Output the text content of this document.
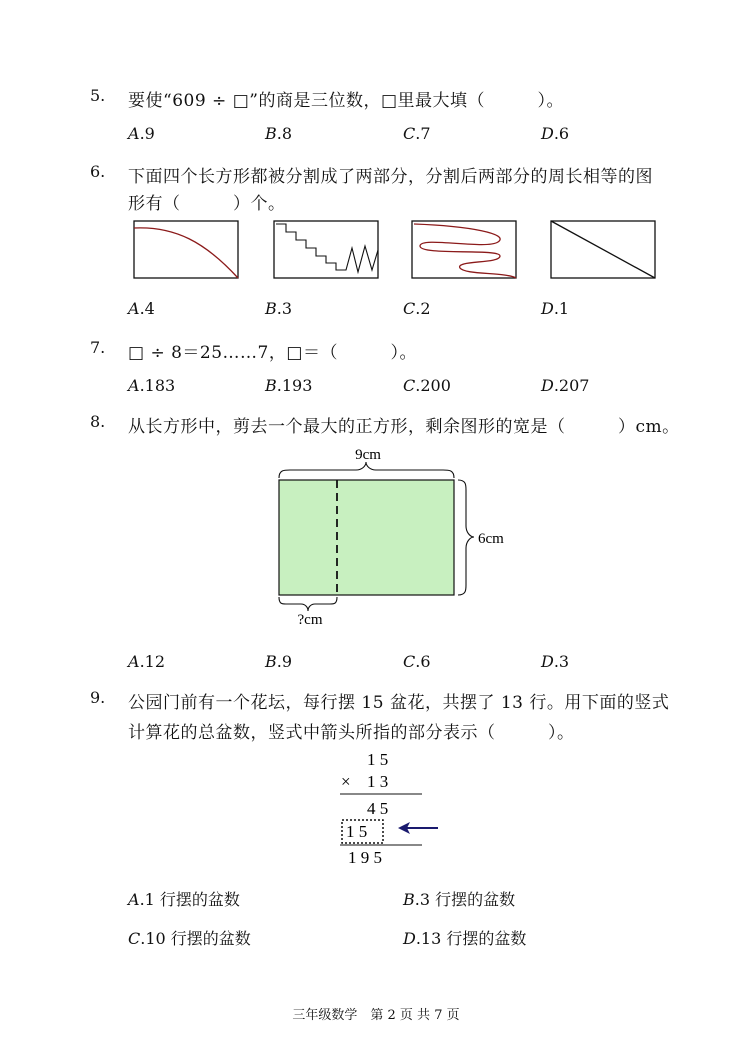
5. 要使“609 ÷ □”的商是三位数，□里最大填（　　　）。
A.9	B.8	C.7	D.6
6. 下面四个长方形都被分割成了两部分，分割后两部分的周长相等的图
形有（　　　）个。
A.4	B.3	C.2	D.1
7. □ ÷ 8＝25……7，□＝（　　　）。
A.183	B.193	C.200	D.207
8. 从长方形中，剪去一个最大的正方形，剩余图形的宽是（　　　）cm。
9cm
6cm
?cm
A.12	B.9	C.6	D.3
9. 公园门前有一个花坛，每行摆 15 盆花，共摆了 13 行。用下面的竖式
计算花的总盆数，竖式中箭头所指的部分表示（　　　）。
1 5
× 1 3
4 5
1 5
1 9 5
A.1 行摆的盆数	B.3 行摆的盆数
C.10 行摆的盆数	D.13 行摆的盆数
三年级数学　第 2 页 共 7 页
